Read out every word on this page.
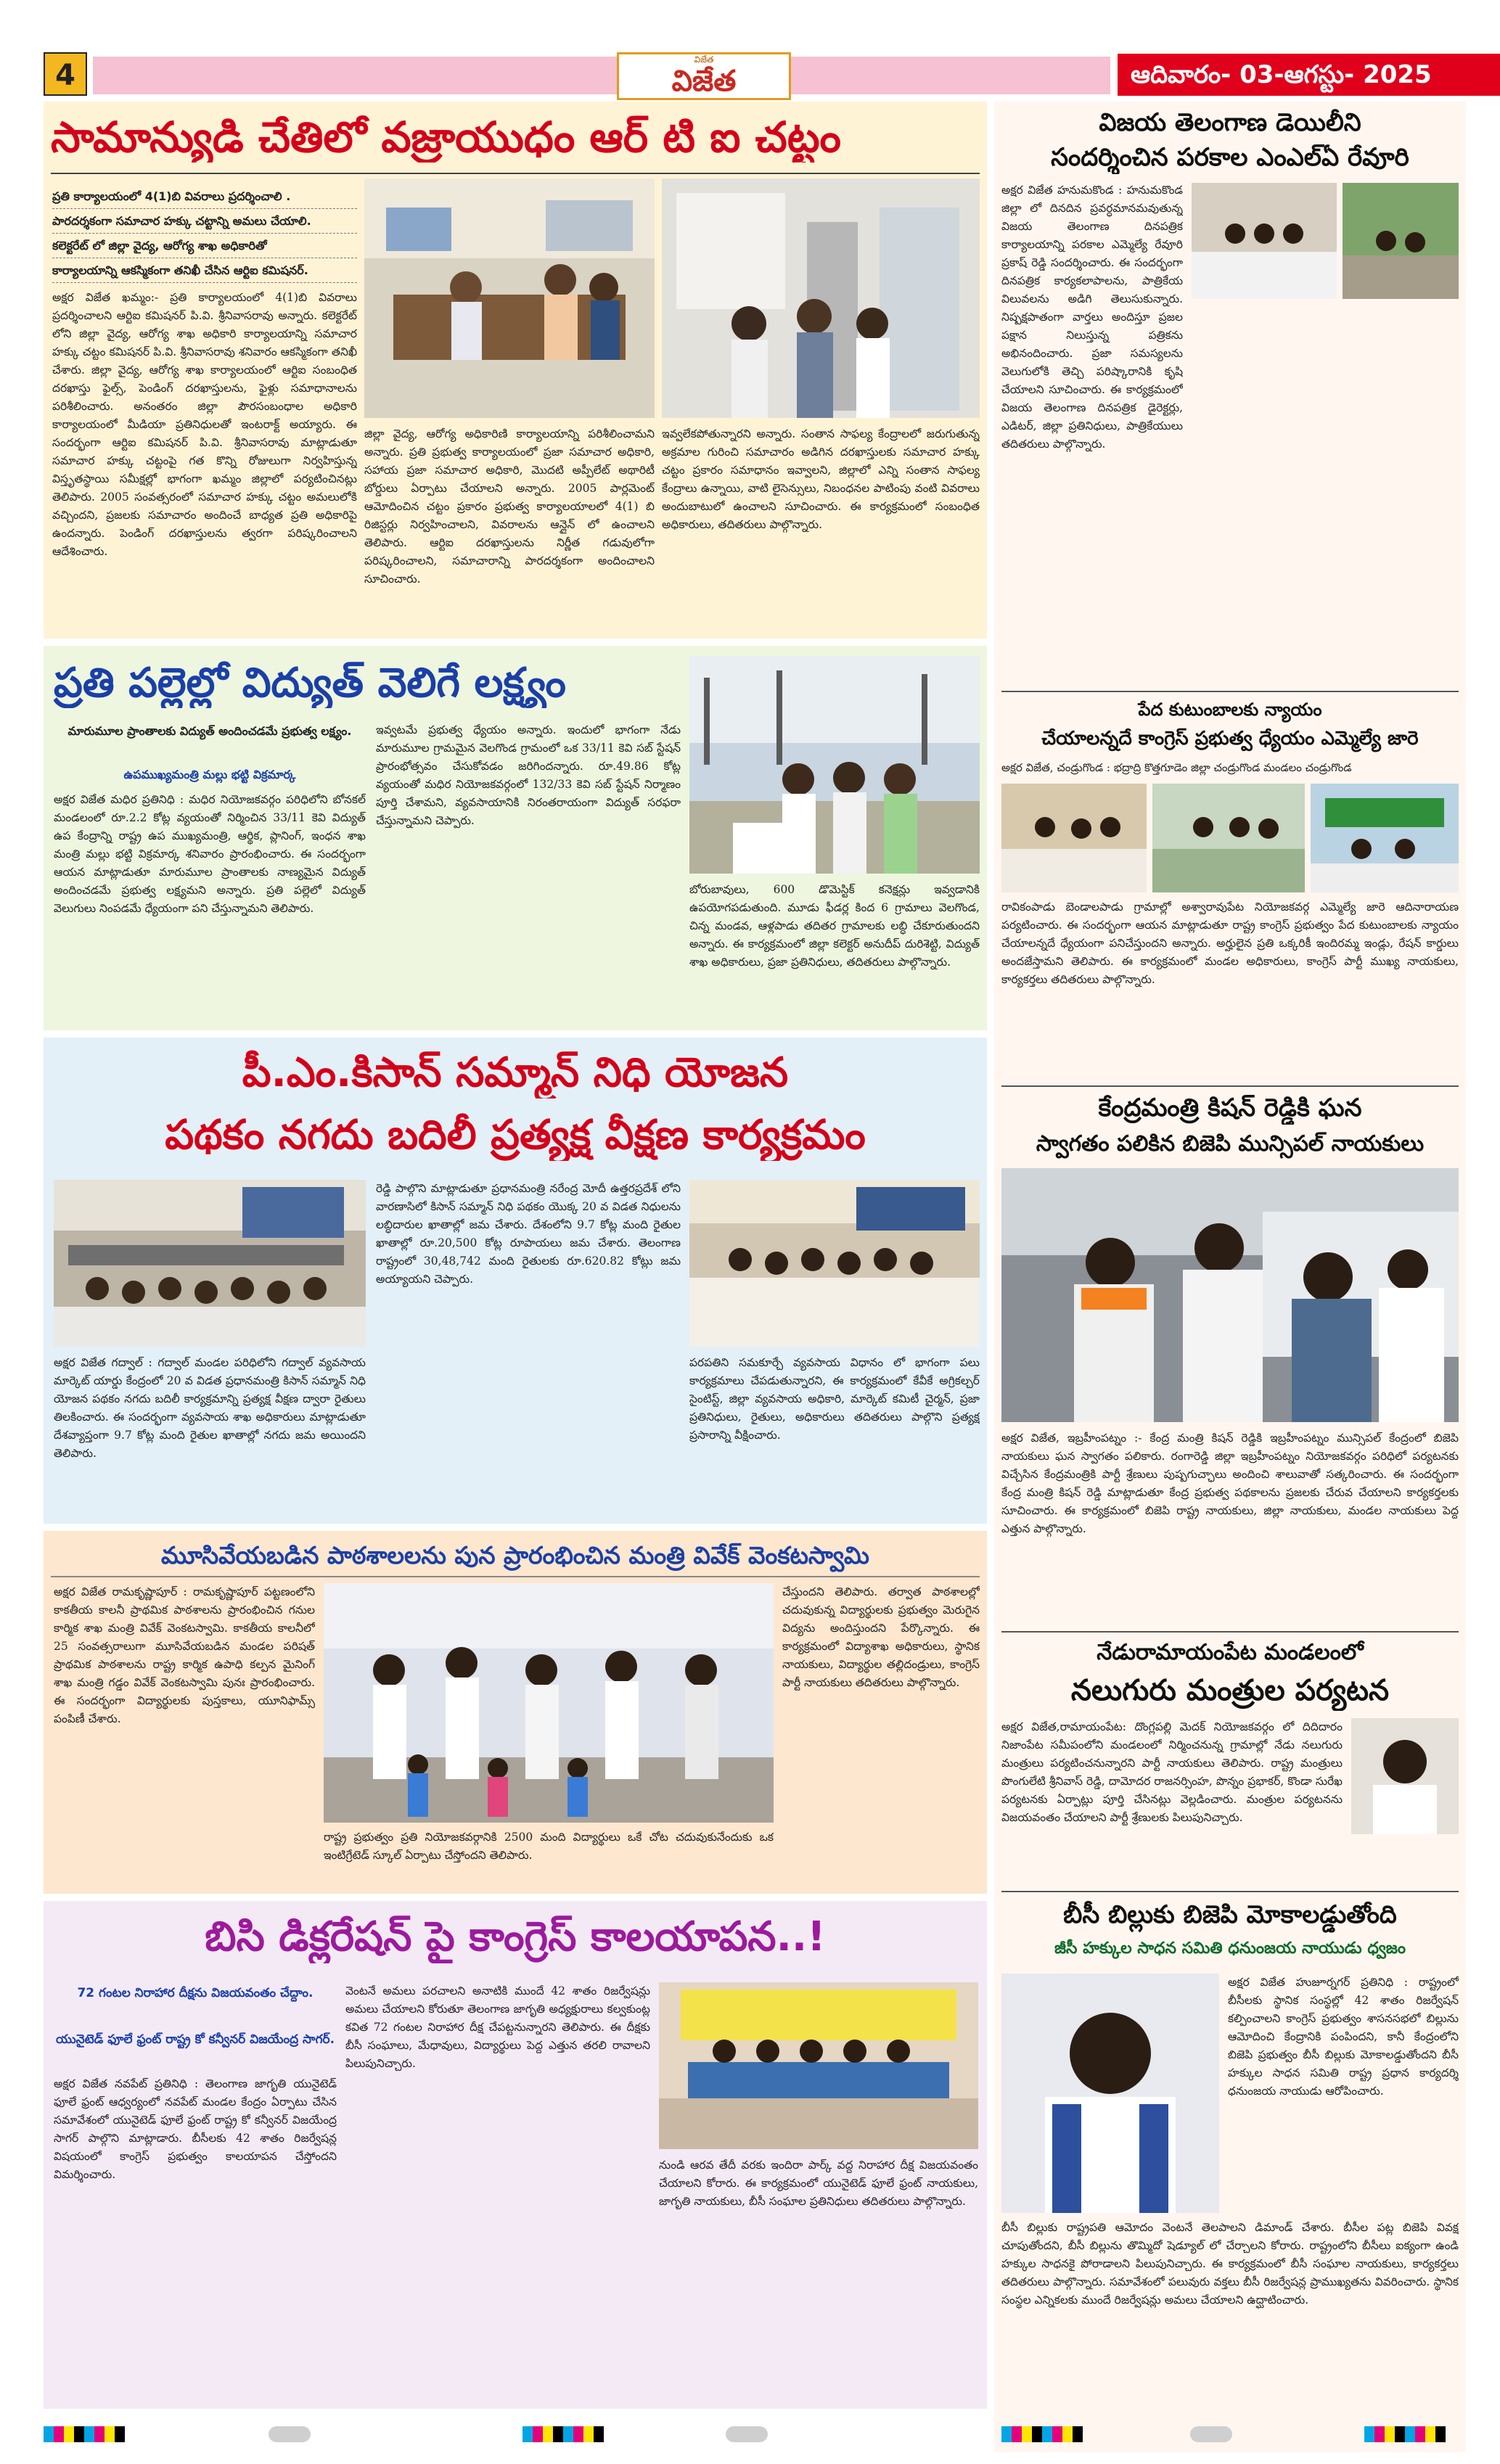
4	విజేత
విజేత	ఆదివారం- 03-ఆగస్టు- 2025
సామాన్యుడి చేతిలో వజ్రాయుధం ఆర్ టి ఐ చట్టం
ప్రతి కార్యాలయంలో 4(1)బి వివరాలు ప్రదర్శించాలి .
పారదర్శకంగా సమాచార హక్కు చట్టాన్ని అమలు చేయాలి.
కలెక్టరేట్ లో జిల్లా వైద్య, ఆరోగ్య శాఖ అధికారితో
కార్యాలయాన్ని ఆకస్మికంగా తనిఖీ చేసిన ఆర్టిఐ కమిషనర్.
అక్షర విజేత ఖమ్మం:- ప్రతి కార్యాలయంలో 4(1)బి వివరాలు ప్రదర్శించాలని ఆర్టిఐ కమిషనర్ పి.వి. శ్రీనివాసరావు అన్నారు. కలెక్టరేట్ లోని జిల్లా వైద్య, ఆరోగ్య శాఖ అధికారి కార్యాలయాన్ని సమాచార హక్కు చట్టం కమిషనర్ పి.వి. శ్రీనివాసరావు శనివారం ఆకస్మికంగా తనిఖీ చేశారు. జిల్లా వైద్య, ఆరోగ్య శాఖ కార్యాలయంలో ఆర్టిఐ సంబంధిత దరఖాస్తు ఫైల్స్, పెండింగ్ దరఖాస్తులను, ఫైళ్లు సమాధానాలను పరిశీలించారు. అనంతరం జిల్లా పౌరసంబంధాల అధికారి కార్యాలయంలో మీడియా ప్రతినిధులతో ఇంటరాక్ట్ అయ్యారు. ఈ సందర్భంగా ఆర్టిఐ కమిషనర్ పి.వి. శ్రీనివాసరావు మాట్లాడుతూ సమాచార హక్కు చట్టంపై గత కొన్ని రోజులుగా నిర్వహిస్తున్న విస్తృతస్థాయి సమీక్షల్లో భాగంగా ఖమ్మం జిల్లాలో పర్యటించినట్లు తెలిపారు. 2005 సంవత్సరంలో సమాచార హక్కు చట్టం అమలులోకి వచ్చిందని, ప్రజలకు సమాచారం అందించే బాధ్యత ప్రతి అధికారిపై ఉందన్నారు. పెండింగ్ దరఖాస్తులను త్వరగా పరిష్కరించాలని ఆదేశించారు.
జిల్లా వైద్య, ఆరోగ్య అధికారిణి కార్యాలయాన్ని పరిశీలించామని అన్నారు. ప్రతి ప్రభుత్వ కార్యాలయంలో ప్రజా సమాచార అధికారి, సహాయ ప్రజా సమాచార అధికారి, మొదటి అప్పీలేట్ అథారిటీ బోర్డులు ఏర్పాటు చేయాలని అన్నారు. 2005 పార్లమెంట్ ఆమోదించిన చట్టం ప్రకారం ప్రభుత్వ కార్యాలయాలలో 4(1) బి రిజిస్టర్లు నిర్వహించాలని, వివరాలను ఆన్లైన్ లో ఉంచాలని తెలిపారు. ఆర్టిఐ దరఖాస్తులను నిర్ణీత గడువులోగా పరిష్కరించాలని, సమాచారాన్ని పారదర్శకంగా అందించాలని సూచించారు.
ఇవ్వలేకపోతున్నారని అన్నారు. సంతాన సాఫల్య కేంద్రాలలో జరుగుతున్న అక్రమాల గురించి సమాచారం అడిగిన దరఖాస్తులకు సమాచార హక్కు చట్టం ప్రకారం సమాధానం ఇవ్వాలని, జిల్లాలో ఎన్ని సంతాన సాఫల్య కేంద్రాలు ఉన్నాయి, వాటి లైసెన్సులు, నిబంధనల పాటింపు వంటి వివరాలు అందుబాటులో ఉంచాలని సూచించారు. ఈ కార్యక్రమంలో సంబంధిత అధికారులు, తదితరులు పాల్గొన్నారు.
ప్రతి పల్లెల్లో విద్యుత్ వెలిగే లక్ష్యం
మారుమూల ప్రాంతాలకు విద్యుత్ అందించడమే ప్రభుత్వ లక్ష్యం.
ఉపముఖ్యమంత్రి మల్లు భట్టి విక్రమార్క
అక్షర విజేత మధిర ప్రతినిధి : మధిర నియోజకవర్గం పరిధిలోని బోనకల్ మండలంలో రూ.2.2 కోట్ల వ్యయంతో నిర్మించిన 33/11 కెవి విద్యుత్ ఉప కేంద్రాన్ని రాష్ట్ర ఉప ముఖ్యమంత్రి, ఆర్థిక, ప్లానింగ్, ఇంధన శాఖ మంత్రి మల్లు భట్టి విక్రమార్క శనివారం ప్రారంభించారు. ఈ సందర్భంగా ఆయన మాట్లాడుతూ మారుమూల ప్రాంతాలకు నాణ్యమైన విద్యుత్ అందించడమే ప్రభుత్వ లక్ష్యమని అన్నారు. ప్రతి పల్లెలో విద్యుత్ వెలుగులు నింపడమే ధ్యేయంగా పని చేస్తున్నామని తెలిపారు.
ఇవ్వటమే ప్రభుత్వ ధ్యేయం అన్నారు. ఇందులో భాగంగా నేడు మారుమూల గ్రామమైన వెలగొండ గ్రామంలో ఒక 33/11 కెవి సబ్ స్టేషన్ ప్రారంభోత్సవం చేసుకోవడం జరిగిందన్నారు. రూ.49.86 కోట్ల వ్యయంతో మధిర నియోజకవర్గంలో 132/33 కెవి సబ్ స్టేషన్ నిర్మాణం పూర్తి చేశామని, వ్యవసాయానికి నిరంతరాయంగా విద్యుత్ సరఫరా చేస్తున్నామని చెప్పారు.
బోరుబావులు, 600 డొమెస్టిక్ కనెక్షన్లు ఇవ్వడానికి ఉపయోగపడుతుంది. మూడు ఫీడర్ల కింద 6 గ్రామాలు వెలగొండ, చిన్న మండవ, ఆళ్లపాడు తదితర గ్రామాలకు లబ్ధి చేకూరుతుందని అన్నారు. ఈ కార్యక్రమంలో జిల్లా కలెక్టర్ అనుదీప్ దురిశెట్టి, విద్యుత్ శాఖ అధికారులు, ప్రజా ప్రతినిధులు, తదితరులు పాల్గొన్నారు.
పీ.ఎం.కిసాన్ సమ్మాన్ నిధి యోజన
పథకం నగదు బదిలీ ప్రత్యక్ష వీక్షణ కార్యక్రమం
అక్షర విజేత గద్వాల్ : గద్వాల్ మండల పరిధిలోని గద్వాల్ వ్యవసాయ మార్కెట్ యార్డు కేంద్రంలో 20 వ విడత ప్రధానమంత్రి కిసాన్ సమ్మాన్ నిధి యోజన పథకం నగదు బదిలీ కార్యక్రమాన్ని ప్రత్యక్ష వీక్షణ ద్వారా రైతులు తిలకించారు. ఈ సందర్భంగా వ్యవసాయ శాఖ అధికారులు మాట్లాడుతూ దేశవ్యాప్తంగా 9.7 కోట్ల మంది రైతుల ఖాతాల్లో నగదు జమ అయిందని తెలిపారు.
రెడ్డి పాల్గొని మాట్లాడుతూ ప్రధానమంత్రి నరేంద్ర మోదీ ఉత్తరప్రదేశ్ లోని వారణాసిలో కిసాన్ సమ్మాన్ నిధి పథకం యొక్క 20 వ విడత నిధులను లబ్ధిదారుల ఖాతాల్లో జమ చేశారు. దేశంలోని 9.7 కోట్ల మంది రైతుల ఖాతాల్లో రూ.20,500 కోట్ల రూపాయలు జమ చేశారు. తెలంగాణ రాష్ట్రంలో 30,48,742 మంది రైతులకు రూ.620.82 కోట్లు జమ అయ్యాయని చెప్పారు.
పరపతిని సమకూర్చే వ్యవసాయ విధానం లో భాగంగా పలు కార్యక్రమాలు చేపడుతున్నారని, ఈ కార్యక్రమంలో కేవీకే అగ్రికల్చర్ సైంటిస్ట్, జిల్లా వ్యవసాయ అధికారి, మార్కెట్ కమిటీ చైర్మన్, ప్రజా ప్రతినిధులు, రైతులు, అధికారులు తదితరులు పాల్గొని ప్రత్యక్ష ప్రసారాన్ని వీక్షించారు.
మూసివేయబడిన పాఠశాలలను పున ప్రారంభించిన మంత్రి వివేక్ వెంకటస్వామి
అక్షర విజేత రామకృష్ణాపూర్ : రామకృష్ణాపూర్ పట్టణంలోని కాకతీయ కాలనీ ప్రాథమిక పాఠశాలను ప్రారంభించిన గనుల కార్మిక శాఖ మంత్రి వివేక్ వెంకటస్వామి. కాకతీయ కాలనీలో 25 సంవత్సరాలుగా మూసివేయబడిన మండల పరిషత్ ప్రాథమిక పాఠశాలను రాష్ట్ర కార్మిక ఉపాధి కల్పన మైనింగ్ శాఖ మంత్రి గడ్డం వివేక్ వెంకటస్వామి పునః ప్రారంభించారు. ఈ సందర్భంగా విద్యార్థులకు పుస్తకాలు, యూనిఫామ్స్ పంపిణీ చేశారు.
రాష్ట్ర ప్రభుత్వం ప్రతి నియోజకవర్గానికి 2500 మంది విద్యార్థులు ఒకే చోట చదువుకునేందుకు ఒక ఇంటిగ్రేటెడ్ స్కూల్ ఏర్పాటు చేస్తోందని తెలిపారు.
చేస్తుందని తెలిపారు. తర్వాత పాఠశాలల్లో చదువుకున్న విద్యార్థులకు ప్రభుత్వం మెరుగైన విద్యను అందిస్తుందని పేర్కొన్నారు. ఈ కార్యక్రమంలో విద్యాశాఖ అధికారులు, స్థానిక నాయకులు, విద్యార్థుల తల్లిదండ్రులు, కాంగ్రెస్ పార్టీ నాయకులు తదితరులు పాల్గొన్నారు.
బిసి డిక్లరేషన్ పై కాంగ్రెస్ కాలయాపన..!
72 గంటల నిరాహార దీక్షను విజయవంతం చేద్దాం.
యునైటెడ్ ఫూలే ఫ్రంట్ రాష్ట్ర కో కన్వీనర్ విజయేంద్ర సాగర్.
అక్షర విజేత నవపేట్ ప్రతినిధి : తెలంగాణ జాగృతి యునైటెడ్ ఫూలే ఫ్రంట్ ఆధ్వర్యంలో నవపేట్ మండల కేంద్రం ఏర్పాటు చేసిన సమావేశంలో యునైటెడ్ ఫూలే ఫ్రంట్ రాష్ట్ర కో కన్వీనర్ విజయేంద్ర సాగర్ పాల్గొని మాట్లాడారు. బీసీలకు 42 శాతం రిజర్వేషన్ల విషయంలో కాంగ్రెస్ ప్రభుత్వం కాలయాపన చేస్తోందని విమర్శించారు.
వెంటనే అమలు పరచాలని అనాటికి ముందే 42 శాతం రిజర్వేషన్లు అమలు చేయాలని కోరుతూ తెలంగాణ జాగృతి అధ్యక్షురాలు కల్వకుంట్ల కవిత 72 గంటల నిరాహార దీక్ష చేపట్టనున్నారని తెలిపారు. ఈ దీక్షకు బీసీ సంఘాలు, మేధావులు, విద్యార్థులు పెద్ద ఎత్తున తరలి రావాలని పిలుపునిచ్చారు.
నుండి ఆరవ తేదీ వరకు ఇందిరా పార్క్ వద్ద నిరాహార దీక్ష విజయవంతం చేయాలని కోరారు. ఈ కార్యక్రమంలో యునైటెడ్ ఫూలే ఫ్రంట్ నాయకులు, జాగృతి నాయకులు, బీసీ సంఘాల ప్రతినిధులు తదితరులు పాల్గొన్నారు.
విజయ తెలంగాణ డెయిలీని
సందర్శించిన పరకాల ఎంఎల్ఏ రేవూరి
అక్షర విజేత హనుమకొండ : హనుమకొండ జిల్లా లో దినదిన ప్రవర్ధమానమవుతున్న విజయ తెలంగాణ దినపత్రిక కార్యాలయాన్ని పరకాల ఎమ్మెల్యే రేవూరి ప్రకాష్ రెడ్డి సందర్శించారు. ఈ సందర్భంగా దినపత్రిక కార్యకలాపాలను, పాత్రికేయ విలువలను అడిగి తెలుసుకున్నారు. నిష్పక్షపాతంగా వార్తలు అందిస్తూ ప్రజల పక్షాన నిలుస్తున్న పత్రికను అభినందించారు. ప్రజా సమస్యలను వెలుగులోకి తెచ్చి పరిష్కారానికి కృషి చేయాలని సూచించారు. ఈ కార్యక్రమంలో విజయ తెలంగాణ దినపత్రిక డైరెక్టర్లు, ఎడిటర్, జిల్లా ప్రతినిధులు, పాత్రికేయులు తదితరులు పాల్గొన్నారు.
పేద కుటుంబాలకు న్యాయం
చేయాలన్నదే కాంగ్రెస్ ప్రభుత్వ ధ్యేయం ఎమ్మెల్యే జారె
అక్షర విజేత, చండ్రుగొండ : భద్రాద్రి కొత్తగూడెం జిల్లా చండ్రుగొండ మండలం చండ్రుగొండ
రావికంపాడు బెండాలపాడు గ్రామాల్లో అశ్వారావుపేట నియోజకవర్గ ఎమ్మెల్యే జారె ఆదినారాయణ పర్యటించారు. ఈ సందర్భంగా ఆయన మాట్లాడుతూ రాష్ట్ర కాంగ్రెస్ ప్రభుత్వం పేద కుటుంబాలకు న్యాయం చేయాలన్నదే ధ్యేయంగా పనిచేస్తుందని అన్నారు. అర్హులైన ప్రతి ఒక్కరికీ ఇందిరమ్మ ఇండ్లు, రేషన్ కార్డులు అందజేస్తామని తెలిపారు. ఈ కార్యక్రమంలో మండల అధికారులు, కాంగ్రెస్ పార్టీ ముఖ్య నాయకులు, కార్యకర్తలు తదితరులు పాల్గొన్నారు.
కేంద్రమంత్రి కిషన్ రెడ్డికి ఘన
స్వాగతం పలికిన బిజెపి మున్సిపల్ నాయకులు
అక్షర విజేత, ఇబ్రహీంపట్నం :- కేంద్ర మంత్రి కిషన్ రెడ్డికి ఇబ్రహీంపట్నం మున్సిపల్ కేంద్రంలో బిజెపి నాయకులు ఘన స్వాగతం పలికారు. రంగారెడ్డి జిల్లా ఇబ్రహీంపట్నం నియోజకవర్గం పరిధిలో పర్యటనకు విచ్చేసిన కేంద్రమంత్రికి పార్టీ శ్రేణులు పుష్పగుచ్ఛాలు అందించి శాలువాతో సత్కరించారు. ఈ సందర్భంగా కేంద్ర మంత్రి కిషన్ రెడ్డి మాట్లాడుతూ కేంద్ర ప్రభుత్వ పథకాలను ప్రజలకు చేరువ చేయాలని కార్యకర్తలకు సూచించారు. ఈ కార్యక్రమంలో బిజెపి రాష్ట్ర నాయకులు, జిల్లా నాయకులు, మండల నాయకులు పెద్ద ఎత్తున పాల్గొన్నారు.
నేడురామాయంపేట మండలంలో
నలుగురు మంత్రుల పర్యటన
అక్షర విజేత,రామాయంపేట: దొంగ్లపల్లి మెదక్ నియోజకవర్గం లో దిదిదారం నిజాంపేట సమీపంలోని మండలంలో నిర్మించనున్న గ్రామాల్లో నేడు నలుగురు మంత్రులు పర్యటించనున్నారని పార్టీ నాయకులు తెలిపారు. రాష్ట్ర మంత్రులు పొంగులేటి శ్రీనివాస్ రెడ్డి, దామోదర రాజనర్సింహ, పొన్నం ప్రభాకర్, కొండా సురేఖ పర్యటనకు ఏర్పాట్లు పూర్తి చేసినట్లు వెల్లడించారు. మంత్రుల పర్యటనను విజయవంతం చేయాలని పార్టీ శ్రేణులకు పిలుపునిచ్చారు.
బీసీ బిల్లుకు బిజెపి మోకాలడ్డుతోంది
జీసీ హక్కుల సాధన సమితి ధనుంజయ నాయుడు ధ్వజం
అక్షర విజేత హుజూర్నగర్ ప్రతినిధి : రాష్ట్రంలో బీసీలకు స్థానిక సంస్థల్లో 42 శాతం రిజర్వేషన్ కల్పించాలని కాంగ్రెస్ ప్రభుత్వం శాసనసభలో బిల్లును ఆమోదించి కేంద్రానికి పంపిందని, కానీ కేంద్రంలోని బిజెపి ప్రభుత్వం బీసీ బిల్లుకు మోకాలడ్డుతోందని బీసీ హక్కుల సాధన సమితి రాష్ట్ర ప్రధాన కార్యదర్శి ధనుంజయ నాయుడు ఆరోపించారు.
బీసీ బిల్లుకు రాష్ట్రపతి ఆమోదం వెంటనే తెలపాలని డిమాండ్ చేశారు. బీసీల పట్ల బిజెపి వివక్ష చూపుతోందని, బీసీ బిల్లును తొమ్మిదో షెడ్యూల్ లో చేర్చాలని కోరారు. రాష్ట్రంలోని బీసీలు ఐక్యంగా ఉండి హక్కుల సాధనకై పోరాడాలని పిలుపునిచ్చారు. ఈ కార్యక్రమంలో బీసీ సంఘాల నాయకులు, కార్యకర్తలు తదితరులు పాల్గొన్నారు. సమావేశంలో పలువురు వక్తలు బీసీ రిజర్వేషన్ల ప్రాముఖ్యతను వివరించారు. స్థానిక సంస్థల ఎన్నికలకు ముందే రిజర్వేషన్లు అమలు చేయాలని ఉద్ఘాటించారు.
